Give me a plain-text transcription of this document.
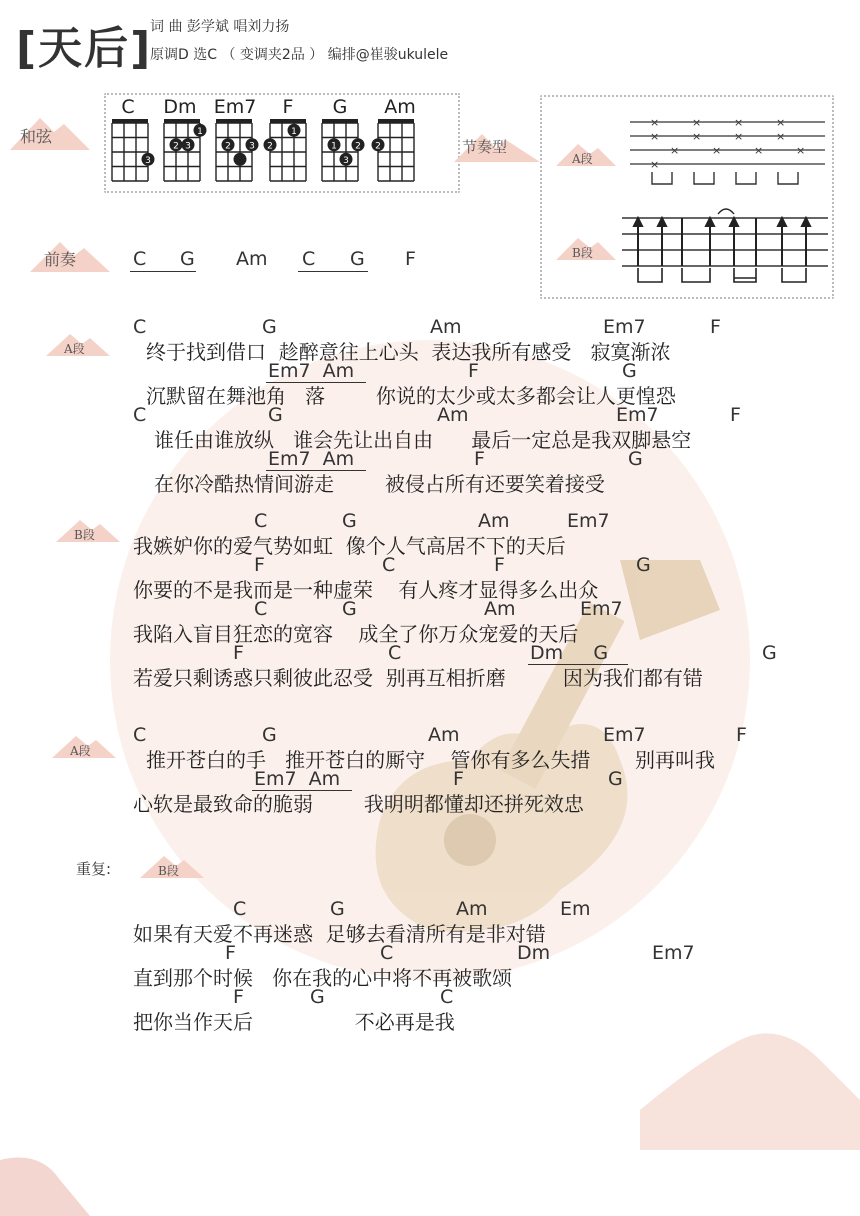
[天后]
词 曲 彭学斌 唱刘力扬
原调D 选C （ 变调夹2品 ） 编排@崔骏ukulele
和弦
C	Dm Em7	F	G	Am
3
2 3
1
2 3 2
1
1
3
2 2	节奏型
A段
B段
×	×	×	×
×	×	×	×
×	×	×	×
×
前奏	C G Am C G F
A段
C	G	Am	Em7	F
终于找到借口  趁醉意往上心头  表达我所有感受   寂寞渐浓
Em7  Am	F	G
沉默留在舞池角   落        你说的太少或太多都会让人更惶恐
C	G	Am	Em7	F
谁任由谁放纵   谁会先让出自由      最后一定总是我双脚悬空
Em7  Am	F	G
在你冷酷热情间游走        被侵占所有还要笑着接受
B段
C	G	Am	Em7
我嫉妒你的爱气势如虹  像个人气高居不下的天后
F	C	F	G
你要的不是我而是一种虚荣    有人疼才显得多么出众
C	G	Am	Em7
我陷入盲目狂恋的宽容    成全了你万众宠爱的天后
F	C	Dm     G	G
若爱只剩诱惑只剩彼此忍受  别再互相折磨         因为我们都有错
A段
C	G	Am	Em7	F
推开苍白的手   推开苍白的厮守    管你有多么失措       别再叫我
Em7  Am	F	G
心软是最致命的脆弱        我明明都懂却还拼死效忠
B段
C	G	Am	Em
如果有天爱不再迷惑  足够去看清所有是非对错
F	C	Dm	Em7
直到那个时候   你在我的心中将不再被歌颂
F	G	C
把你当作天后                不必再是我
重复:
